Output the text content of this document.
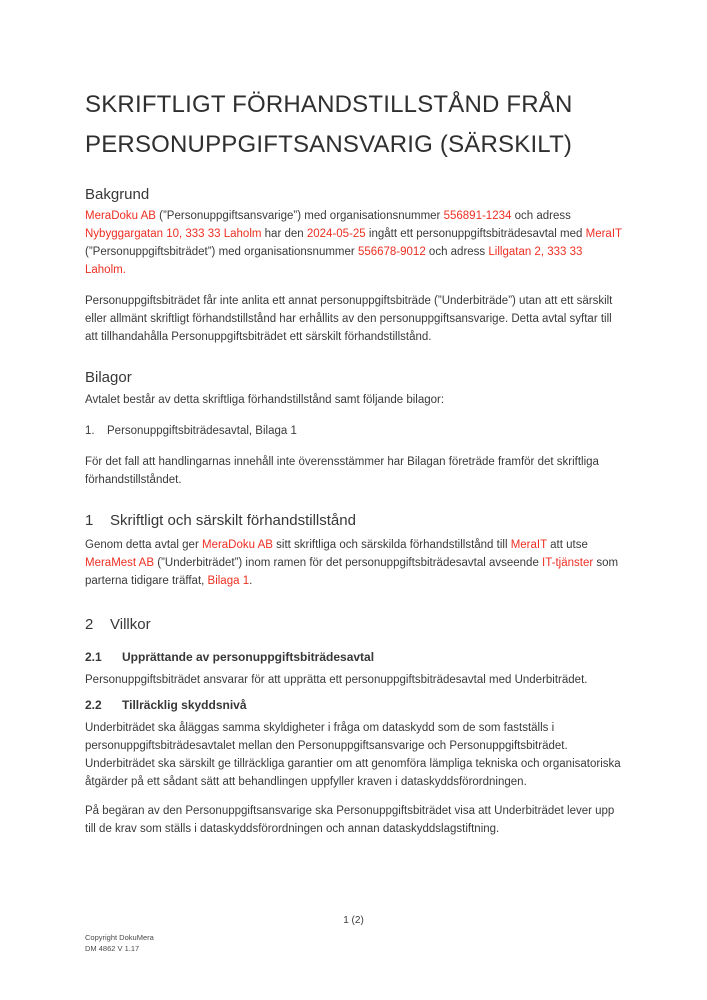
SKRIFTLIGT FÖRHANDSTILLSTÅND FRÅN
PERSONUPPGIFTSANSVARIG (SÄRSKILT)
Bakgrund

MeraDoku AB (”Personuppgiftsansvarige”) med organisationsnummer 556891-1234 och adress Nybyggargatan 10, 333 33 Laholm har den 2024-05-25 ingått ett personuppgiftsbiträdesavtal med MeraIT (”Personuppgiftsbiträdet”) med organisationsnummer 556678-9012 och adress Lillgatan 2, 333 33 Laholm.

Personuppgiftsbiträdet får inte anlita ett annat personuppgiftsbiträde (”Underbiträde”) utan att ett särskilt eller allmänt skriftligt förhandstillstånd har erhållits av den personuppgiftsansvarige. Detta avtal syftar till att tillhandahålla Personuppgiftsbiträdet ett särskilt förhandstillstånd.

Bilagor

Avtalet består av detta skriftliga förhandstillstånd samt följande bilagor:

1. Personuppgiftsbiträdesavtal, Bilaga 1

För det fall att handlingarnas innehåll inte överensstämmer har Bilagan företräde framför det skriftliga förhandstillståndet.

1 Skriftligt och särskilt förhandstillstånd

Genom detta avtal ger MeraDoku AB sitt skriftliga och särskilda förhandstillstånd till MeraIT att utse MeraMest AB (”Underbiträdet”) inom ramen för det personuppgiftsbiträdesavtal avseende IT-tjänster som parterna tidigare träffat, Bilaga 1.

2 Villkor
2.1 Upprättande av personuppgiftsbiträdesavtal

Personuppgiftsbiträdet ansvarar för att upprätta ett personuppgiftsbiträdesavtal med Underbiträdet.

2.2 Tillräcklig skyddsnivå

Underbiträdet ska åläggas samma skyldigheter i fråga om dataskydd som de som fastställs i personuppgiftsbiträdesavtalet mellan den Personuppgiftsansvarige och Personuppgiftsbiträdet. Underbiträdet ska särskilt ge tillräckliga garantier om att genomföra lämpliga tekniska och organisatoriska åtgärder på ett sådant sätt att behandlingen uppfyller kraven i dataskyddsförordningen.

På begäran av den Personuppgiftsansvarige ska Personuppgiftsbiträdet visa att Underbiträdet lever upp till de krav som ställs i dataskyddsförordningen och annan dataskyddslagstiftning.

1 (2)
Copyright DokuMera
DM 4862 V 1.17
